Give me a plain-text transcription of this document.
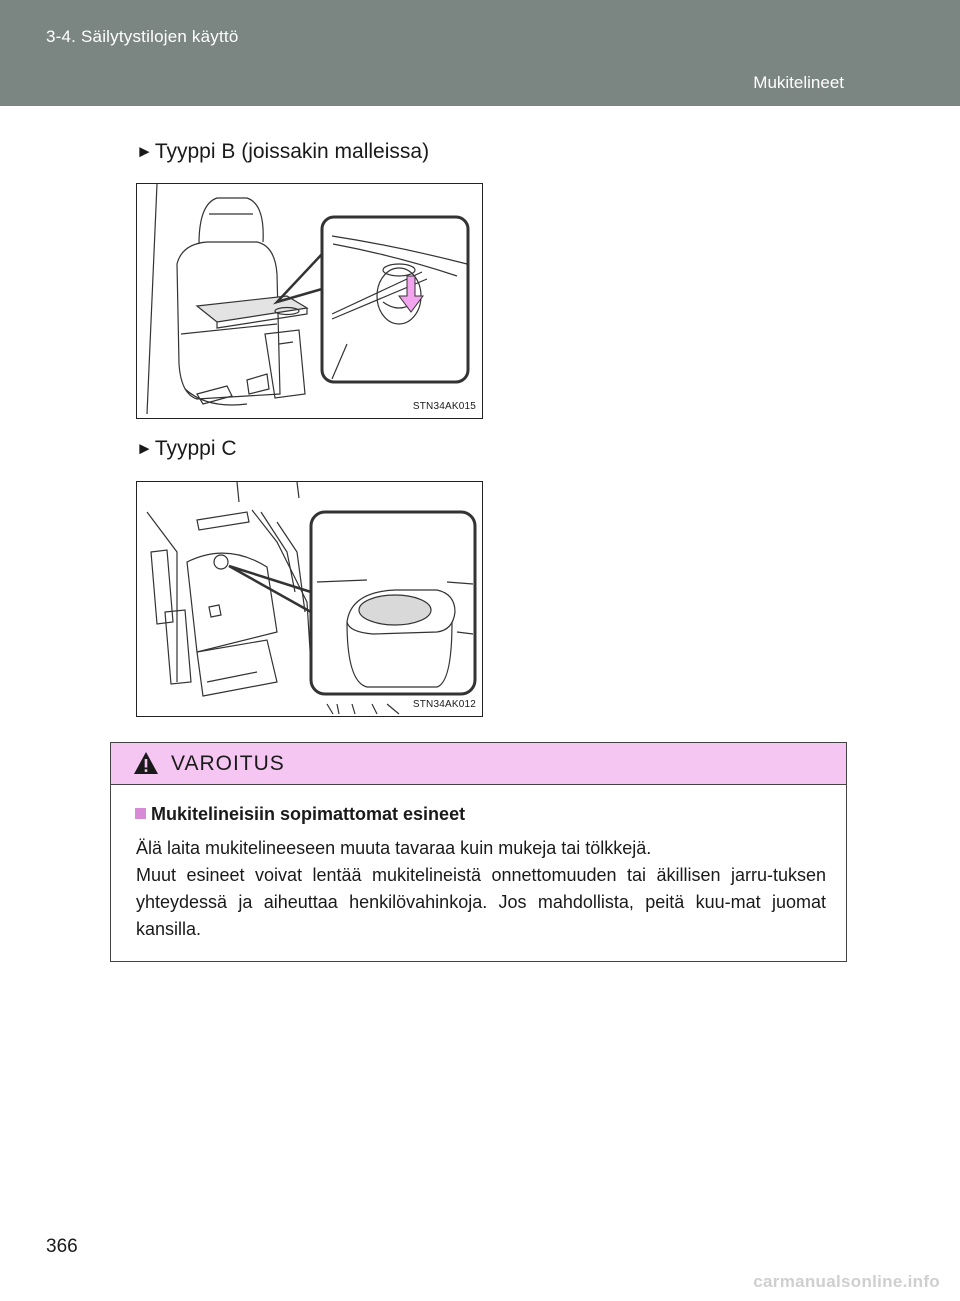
3-4. Säilytystilojen käyttö
Mukitelineet
►Tyyppi B (joissakin malleissa)
STN34AK015
►Tyyppi C
STN34AK012
VAROITUS
Mukitelineisiin sopimattomat esineet

Älä laita mukitelineeseen muuta tavaraa kuin mukeja tai tölkkejä.

Muut esineet voivat lentää mukitelineistä onnettomuuden tai äkillisen jarru-tuksen yhteydessä ja aiheuttaa henkilövahinkoja. Jos mahdollista, peitä kuu-mat juomat kansilla.

366
carmanualsonline.info
